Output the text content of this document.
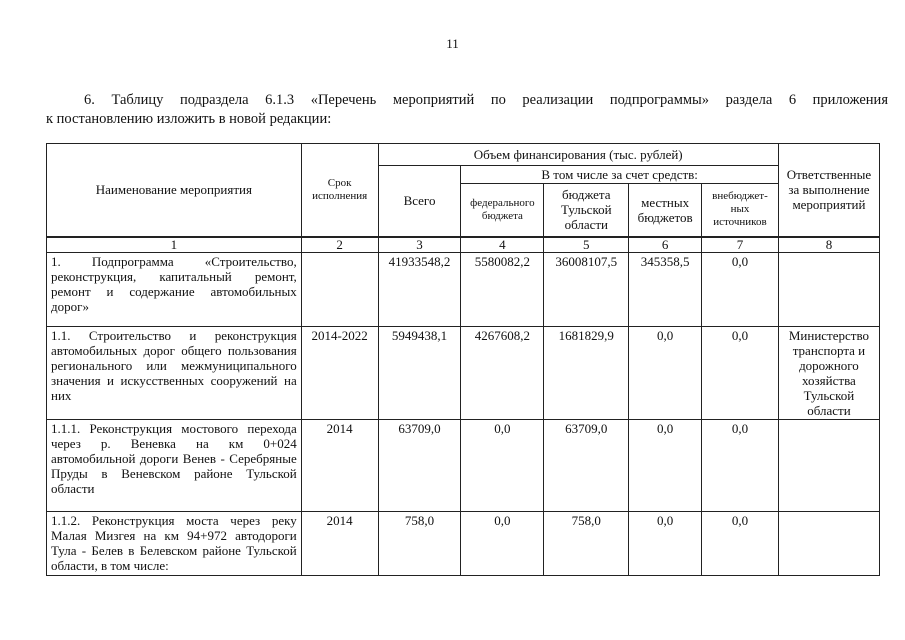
11
6. Таблицу подраздела 6.1.3 «Перечень мероприятий по реализации подпрограммы» раздела 6 приложения
к постановлению изложить в новой редакции:
Наименование мероприятия	Срок исполнения	Объем финансирования (тыс. рублей)					Ответственные за выполнение мероприятий
		Всего	В том числе за счет средств:				
			федерального бюджета	бюджета Тульской области	местных бюджетов	внебюджет-ных источников	
1	2	3	4	5	6	7	8
1. Подпрограмма «Строительство, реконструкция, капитальный ремонт, ремонт и содержание автомобильных дорог»		41933548,2	5580082,2	36008107,5	345358,5	0,0	
1.1. Строительство и реконструкция автомобильных дорог общего пользования регионального или межмуниципального значения и искусственных сооружений на них	2014-2022	5949438,1	4267608,2	1681829,9	0,0	0,0	Министерство транспорта и дорожного хозяйства Тульской области
1.1.1. Реконструкция мостового перехода через р. Веневка на км 0+024 автомобильной дороги Венев - Серебряные Пруды в Веневском районе Тульской области	2014	63709,0	0,0	63709,0	0,0	0,0	
1.1.2. Реконструкция моста через реку Малая Мизгея на км 94+972 автодороги Тула - Белев в Белевском районе Тульской области, в том числе:	2014	758,0	0,0	758,0	0,0	0,0	
